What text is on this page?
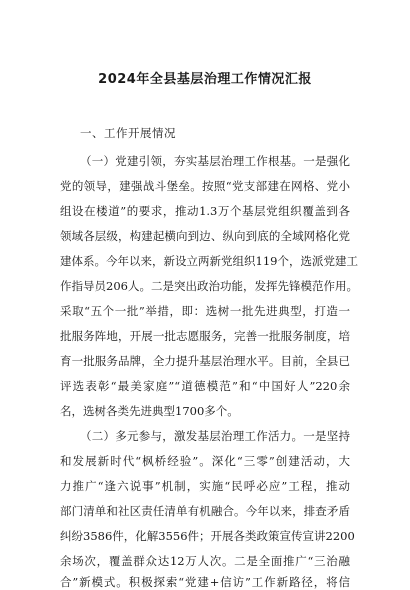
2024年全县基层治理工作情况汇报
一、工作开展情况
（一）党建引领，夯实基层治理工作根基。一是强化
党的领导，建强战斗堡垒。按照“党支部建在网格、党小
组设在楼道”的要求，推动1.3万个基层党组织覆盖到各
领域各层级，构建起横向到边、纵向到底的全域网格化党
建体系。今年以来，新设立两新党组织119个，选派党建工
作指导员206人。二是突出政治功能，发挥先锋模范作用。
采取“五个一批”举措，即：选树一批先进典型，打造一
批服务阵地，开展一批志愿服务，完善一批服务制度，培
育一批服务品牌，全力提升基层治理水平。目前，全县已
评选表彰“最美家庭”“道德模范”和“中国好人”220余
名，选树各类先进典型1700多个。
（二）多元参与，激发基层治理工作活力。一是坚持
和发展新时代“枫桥经验”。深化“三零”创建活动，大
力推广“逢六说事”机制，实施“民呼必应”工程，推动
部门清单和社区责任清单有机融合。今年以来，排查矛盾
纠纷3586件，化解3556件；开展各类政策宣传宣讲2200
余场次，覆盖群众达12万人次。二是全面推广“三治融
合”新模式。积极探索“党建+信访”工作新路径，将信
